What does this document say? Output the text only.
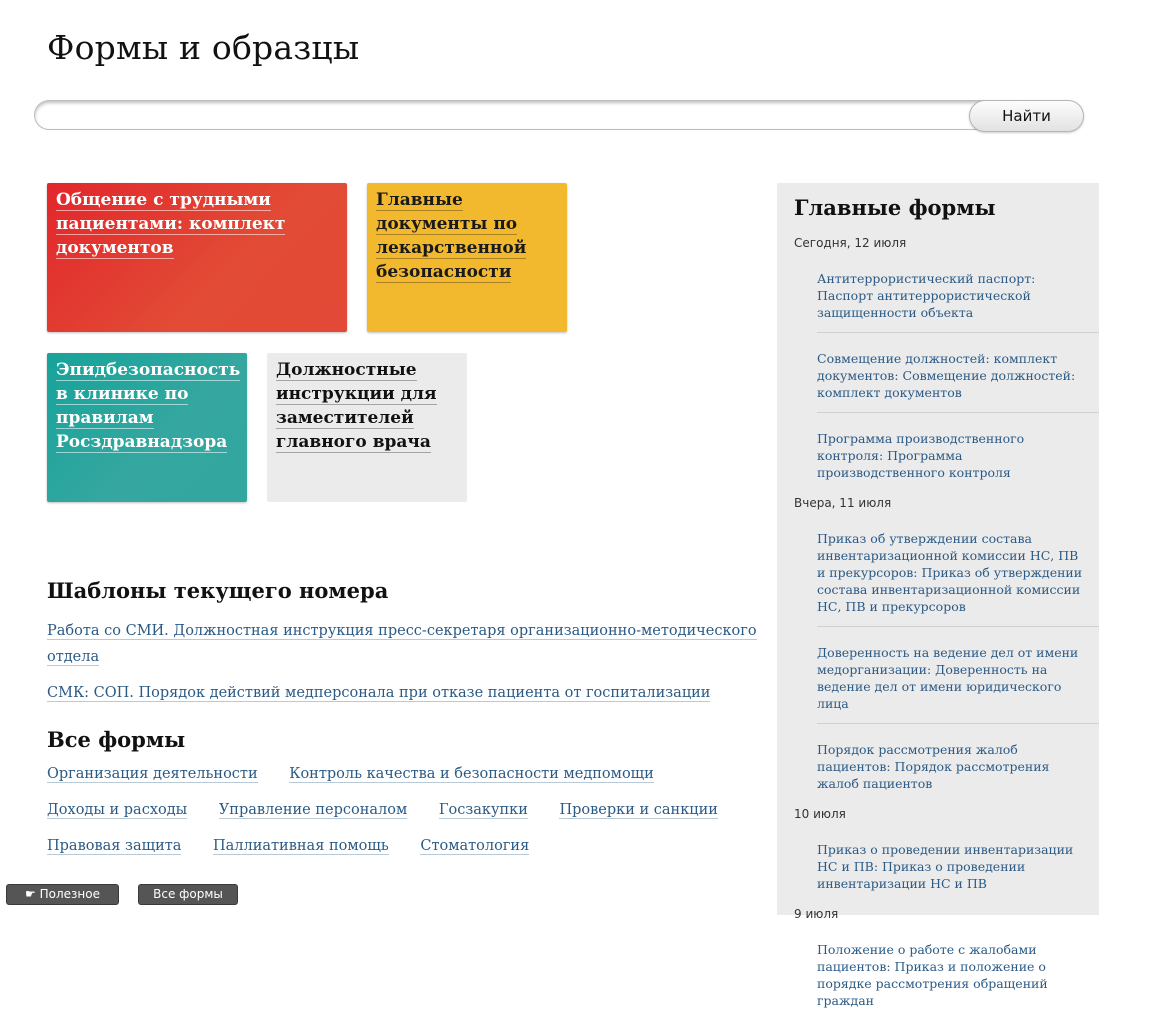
Формы и образцы
Найти
Общение с трудными пациентами: комплект документов
Главные документы по лекарственной безопасности
Эпидбезопасность в клинике по правилам Росздравнадзора
Должностные инструкции для заместителей главного врача
Шаблоны текущего номера
Работа со СМИ. Должностная инструкция пресс-секретаря организационно-методического отдела
СМК: СОП. Порядок действий медперсонала при отказе пациента от госпитализации
Все формы
Организация деятельности Контроль качества и безопасности медпомощи
Доходы и расходы Управление персоналом Госзакупки Проверки и санкции
Правовая защита Паллиативная помощь Стоматология
Главные формы
Сегодня, 12 июля
Антитеррористический паспорт: Паспорт антитеррористической защищенности объекта
Совмещение должностей: комплект документов: Совмещение должностей: комплект документов
Программа производственного контроля: Программа производственного контроля
Вчера, 11 июля
Приказ об утверждении состава инвентаризационной комиссии НС, ПВ и прекурсоров: Приказ об утверждении состава инвентаризационной комиссии НС, ПВ и прекурсоров
Доверенность на ведение дел от имени медорганизации: Доверенность на ведение дел от имени юридического лица
Порядок рассмотрения жалоб пациентов: Порядок рассмотрения жалоб пациентов
10 июля
Приказ о проведении инвентаризации НС и ПВ: Приказ о проведении инвентаризации НС и ПВ
9 июля
Положение о работе с жалобами пациентов: Приказ и положение о порядке рассмотрения обращений граждан
☛ Полезное	Все формы
